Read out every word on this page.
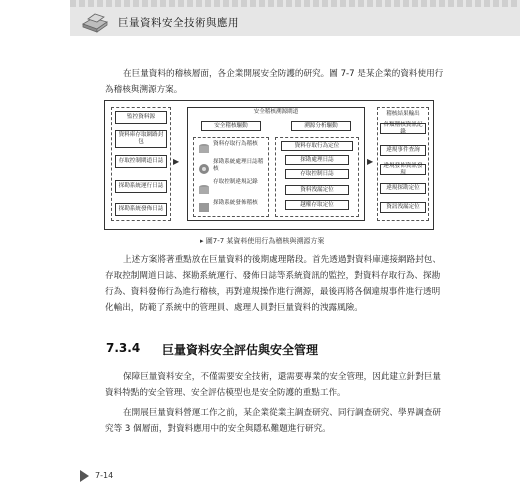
巨量資料安全技術與應用
在巨量資料的稽核層面，各企業開展安全防護的研究。圖 7-7 是某企業的資料使用行為稽核與溯源方案。
監控資料源
資料庫存取網路封包
存取控制閘道日誌
探勘系統運行日誌
探勘系統發佈日誌
▶
安全稽核溯源閘道
安全稽核驅動	溯源分析驅動
資料存取行為稽核
探勘系統處理日誌稽核
存取控制違規記錄
探勘系統發佈稽核
資料存取行為定位
探勘處理日誌
存取控制日誌
資料洩漏定位
越權存取定位
▶
稽核結果輸出
各類稽核資訊記錄
違規事件查詢
違規發佈資訊發現
違規探勘定位
資訊洩漏定位
▸ 圖7-7 某資料使用行為稽核與溯源方案
上述方案將著重點放在巨量資料的後期處理階段。首先透過對資料庫連接網路封包、存取控制閘道日誌、探勘系統運行、發佈日誌等系統資訊的監控，對資料存取行為、探勘行為、資料發佈行為進行稽核，再對違規操作進行溯源，最後再將各個違規事件進行透明化輸出，防範了系統中的管理員、處理人員對巨量資料的洩露風險。
7.3.4 巨量資料安全評估與安全管理
保障巨量資料安全，不僅需要安全技術，還需要專業的安全管理，因此建立針對巨量資料特點的安全管理、安全評估模型也是安全防護的重點工作。
在開展巨量資料營運工作之前，某企業從業主調查研究、同行調查研究、學界調查研究等 3 個層面，對資料應用中的安全與隱私難題進行研究。
7-14
